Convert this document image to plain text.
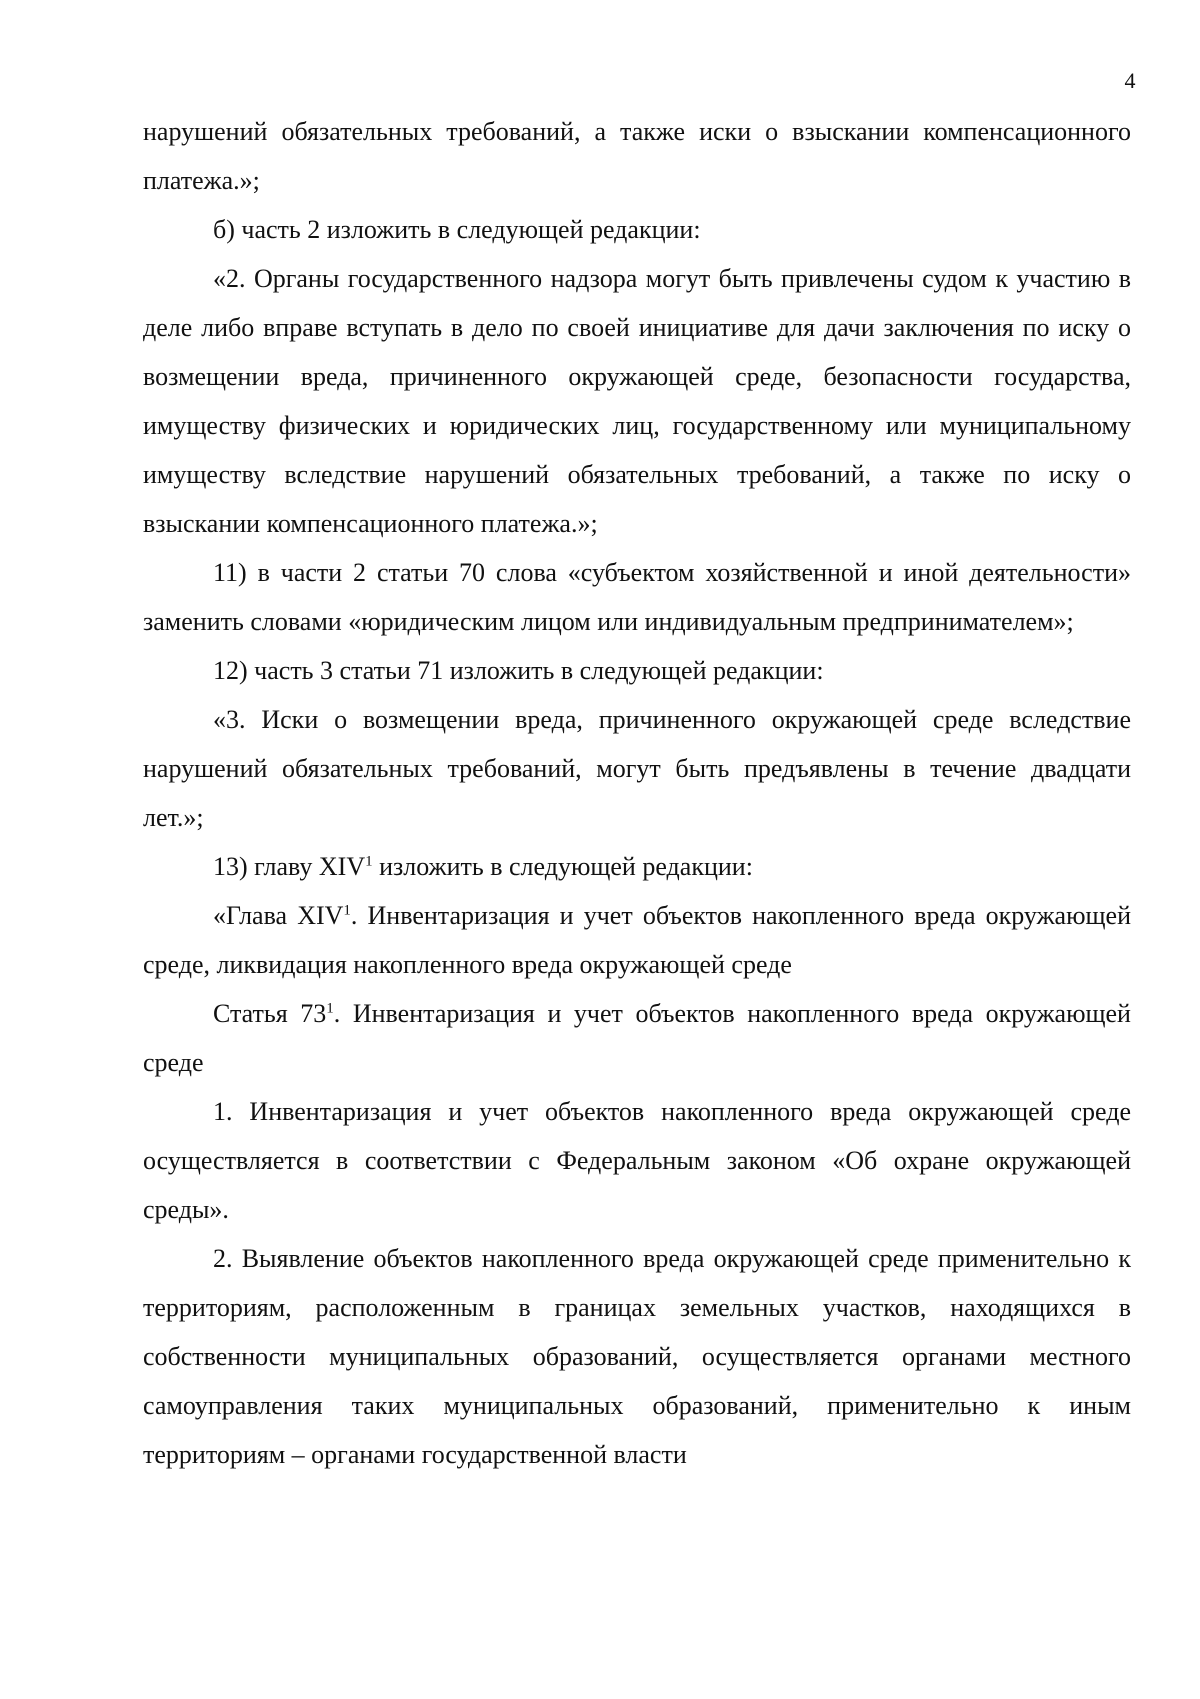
4

нарушений обязательных требований, а также иски о взыскании компенсационного платежа.»;

б) часть 2 изложить в следующей редакции:

«2. Органы государственного надзора могут быть привлечены судом к участию в деле либо вправе вступать в дело по своей инициативе для дачи заключения по иску о возмещении вреда, причиненного окружающей среде, безопасности государства, имуществу физических и юридических лиц, государственному или муниципальному имуществу вследствие нарушений обязательных требований, а также по иску о взыскании компенсационного платежа.»;

11) в части 2 статьи 70 слова «субъектом хозяйственной и иной деятельности» заменить словами «юридическим лицом или индивидуальным предпринимателем»;

12) часть 3 статьи 71 изложить в следующей редакции:

«3. Иски о возмещении вреда, причиненного окружающей среде вследствие нарушений обязательных требований, могут быть предъявлены в течение двадцати лет.»;

13) главу XIV$^1$ изложить в следующей редакции:

«Глава XIV$^1$. Инвентаризация и учет объектов накопленного вреда окружающей среде, ликвидация накопленного вреда окружающей среде

Статья $73^1$. Инвентаризация и учет объектов накопленного вреда окружающей среде

1. Инвентаризация и учет объектов накопленного вреда окружающей среде осуществляется в соответствии с Федеральным законом «Об охране окружающей среды».

2. Выявление объектов накопленного вреда окружающей среде применительно к территориям, расположенным в границах земельных участков, находящихся в собственности муниципальных образований, осуществляется органами местного самоуправления таких муниципальных образований, применительно к иным территориям – органами государственной власти
